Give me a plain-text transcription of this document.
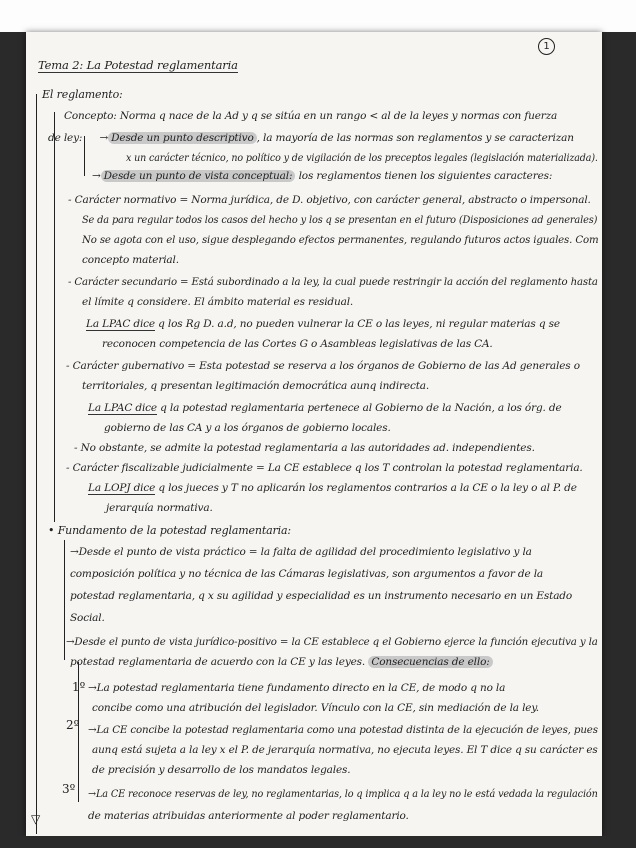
1
Tema 2: La Potestad reglamentaria
El reglamento:
Concepto: Norma q nace de la Ad y q se sitúa en un rango < al de la leyes y normas con fuerza
de ley: → Desde un punto descriptivo , la mayoría de las normas son reglamentos y se caracterizan
x un carácter técnico, no político y de vigilación de los preceptos legales (legislación materializada).
→ Desde un punto de vista conceptual: los reglamentos tienen los siguientes caracteres:
- Carácter normativo = Norma jurídica, de D. objetivo, con carácter general, abstracto o impersonal.
Se da para regular todos los casos del hecho y los q se presentan en el futuro (Disposiciones ad generales)
No se agota con el uso, sigue desplegando efectos permanentes, regulando futuros actos iguales. Com
concepto material.
- Carácter secundario = Está subordinado a la ley, la cual puede restringir la acción del reglamento hasta
el límite q considere. El ámbito material es residual.
La LPAC dice q los Rg D. a.d, no pueden vulnerar la CE o las leyes, ni regular materias q se
reconocen competencia de las Cortes G o Asambleas legislativas de las CA.
- Carácter gubernativo = Esta potestad se reserva a los órganos de Gobierno de las Ad generales o
territoriales, q presentan legitimación democrática aunq indirecta.
La LPAC dice q la potestad reglamentaria pertenece al Gobierno de la Nación, a los órg. de
gobierno de las CA y a los órganos de gobierno locales.
- No obstante, se admite la potestad reglamentaria a las autoridades ad. independientes.
- Carácter fiscalizable judicialmente = La CE establece q los T controlan la potestad reglamentaria.
La LOPJ dice q los jueces y T no aplicarán los reglamentos contrarios a la CE o la ley o al P. de
jerarquía normativa.
• Fundamento de la potestad reglamentaria:
→Desde el punto de vista práctico = la falta de agilidad del procedimiento legislativo y la
composición política y no técnica de las Cámaras legislativas, son argumentos a favor de la
potestad reglamentaria, q x su agilidad y especialidad es un instrumento necesario en un Estado
Social.
→Desde el punto de vista jurídico-positivo = la CE establece q el Gobierno ejerce la función ejecutiva y la
potestad reglamentaria de acuerdo con la CE y las leyes. Consecuencias de ello:
1º →La potestad reglamentaria tiene fundamento directo en la CE, de modo q no la
concibe como una atribución del legislador. Vínculo con la CE, sin mediación de la ley.
2º →La CE concibe la potestad reglamentaria como una potestad distinta de la ejecución de leyes, pues
aunq está sujeta a la ley x el P. de jerarquía normativa, no ejecuta leyes. El T dice q su carácter es
de precisión y desarrollo de los mandatos legales.
3º →La CE reconoce reservas de ley, no reglamentarias, lo q implica q a la ley no le está vedada la regulación
de materias atribuidas anteriormente al poder reglamentario.
▽
